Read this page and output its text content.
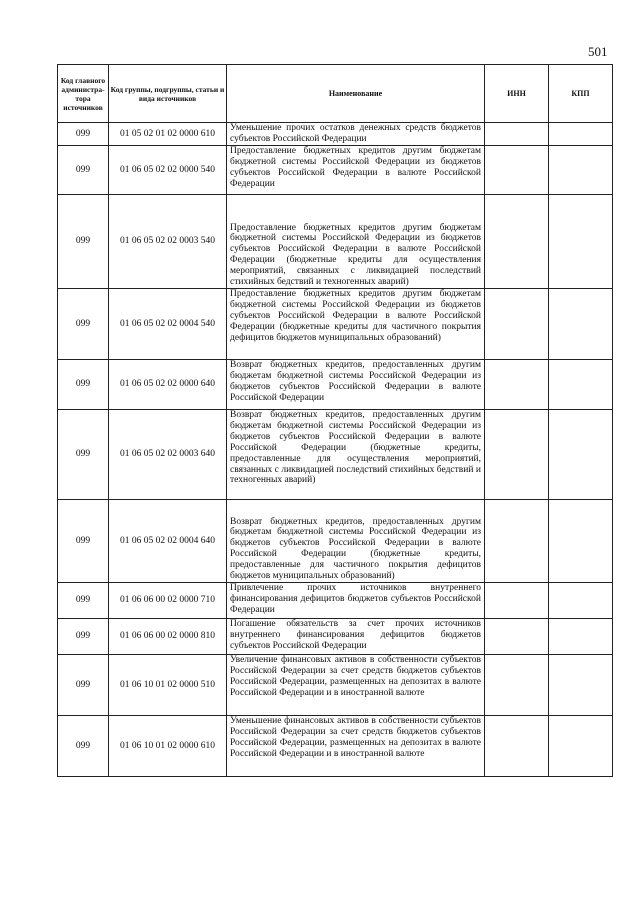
501
Код главного администра-тора источников	Код группы, подгруппы, статьи и вида источников	Наименование	ИНН	КПП
099	01 05 02 01 02 0000 610	Уменьшение прочих остатков денежных средств бюджетов субъектов Российской Федерации		
099	01 06 05 02 02 0000 540	Предоставление бюджетных кредитов другим бюджетам бюджетной системы Российской Федерации из бюджетов субъектов Российской Федерации в валюте Российской Федерации		
099	01 06 05 02 02 0003 540	Предоставление бюджетных кредитов другим бюджетам бюджетной системы Российской Федерации из бюджетов субъектов Российской Федерации в валюте Российской Федерации (бюджетные кредиты для осуществления мероприятий, связанных с ликвидацией последствий стихийных бедствий и техногенных аварий)		
099	01 06 05 02 02 0004 540	Предоставление бюджетных кредитов другим бюджетам бюджетной системы Российской Федерации из бюджетов субъектов Российской Федерации в валюте Российской Федерации (бюджетные кредиты для частичного покрытия дефицитов бюджетов муниципальных образований)		
099	01 06 05 02 02 0000 640	Возврат бюджетных кредитов, предоставленных другим бюджетам бюджетной системы Российской Федерации из бюджетов субъектов Российской Федерации в валюте Российской Федерации		
099	01 06 05 02 02 0003 640	Возврат бюджетных кредитов, предоставленных другим бюджетам бюджетной системы Российской Федерации из бюджетов субъектов Российской Федерации в валюте Российской Федерации (бюджетные кредиты, предоставленные для осуществления мероприятий, связанных с ликвидацией последствий стихийных бедствий и техногенных аварий)		
099	01 06 05 02 02 0004 640	Возврат бюджетных кредитов, предоставленных другим бюджетам бюджетной системы Российской Федерации из бюджетов субъектов Российской Федерации в валюте Российской Федерации (бюджетные кредиты, предоставленные для частичного покрытия дефицитов бюджетов муниципальных образований)		
099	01 06 06 00 02 0000 710	Привлечение прочих источников внутреннего финансирования дефицитов бюджетов субъектов Российской Федерации		
099	01 06 06 00 02 0000 810	Погашение обязательств за счет прочих источников внутреннего финансирования дефицитов бюджетов субъектов Российской Федерации		
099	01 06 10 01 02 0000 510	Увеличение финансовых активов в собственности субъектов Российской Федерации за счет средств бюджетов субъектов Российской Федерации, размещенных на депозитах в валюте Российской Федерации и в иностранной валюте		
099	01 06 10 01 02 0000 610	Уменьшение финансовых активов в собственности субъектов Российской Федерации за счет средств бюджетов субъектов Российской Федерации, размещенных на депозитах в валюте Российской Федерации и в иностранной валюте		
